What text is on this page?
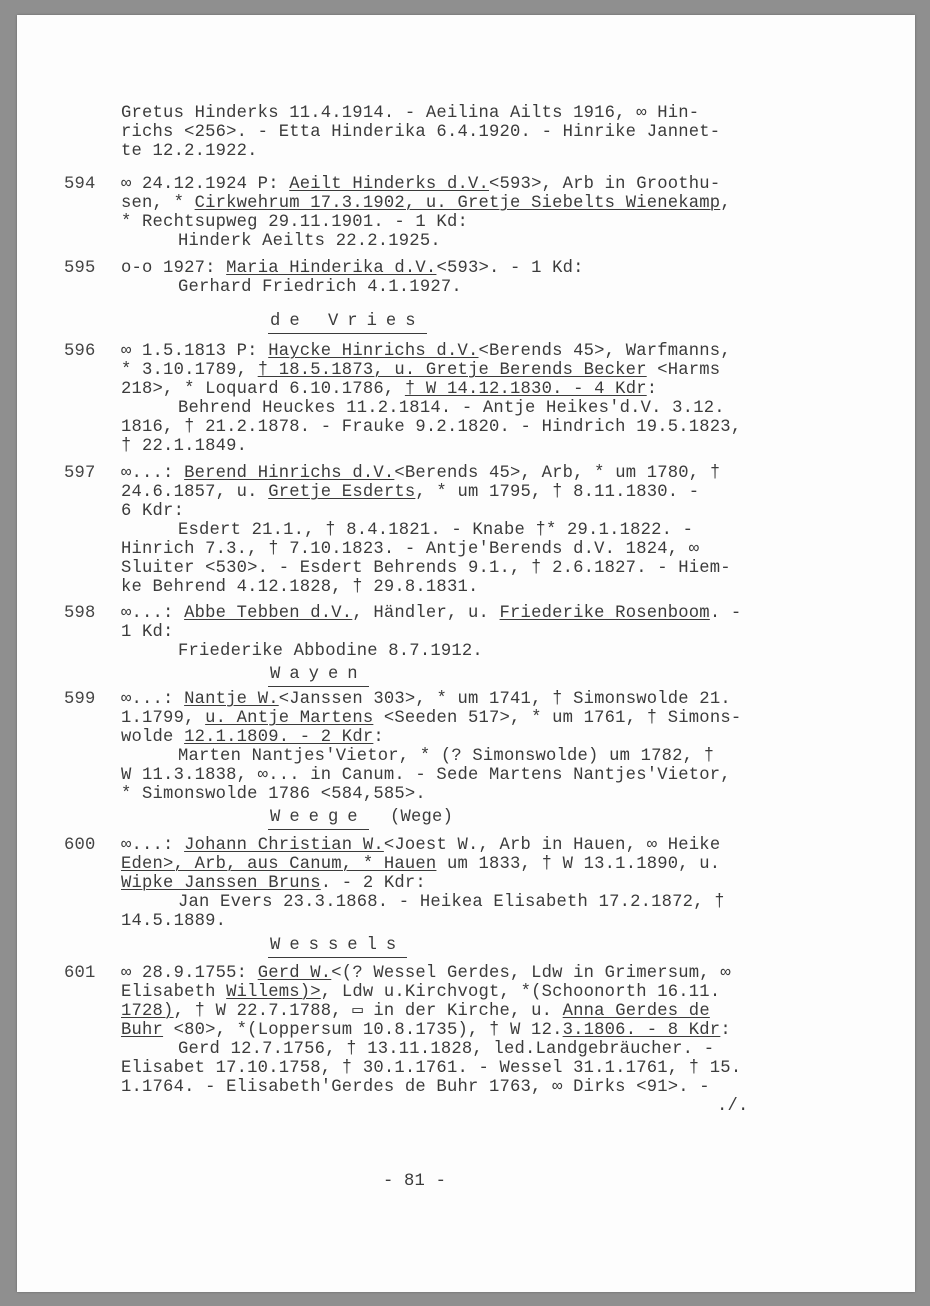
Gretus Hinderks 11.4.1914. - Aeilina Ailts 1916, ∞ Hin-
richs <256>. - Etta Hinderika 6.4.1920. - Hinrike Jannet-
te 12.2.1922.
594 ∞ 24.12.1924 P: Aeilt Hinderks d.V.<593>, Arb in Groothu-
sen, * Cirkwehrum 17.3.1902, u. Gretje Siebelts Wienekamp,
* Rechtsupweg 29.11.1901. - 1 Kd:
Hinderk Aeilts 22.2.1925.
595 o-o 1927: Maria Hinderika d.V.<593>. - 1 Kd:
Gerhard Friedrich 4.1.1927.
de Vries
596 ∞ 1.5.1813 P: Haycke Hinrichs d.V.<Berends 45>, Warfmanns,
* 3.10.1789, † 18.5.1873, u. Gretje Berends Becker <Harms
218>, * Loquard 6.10.1786, † W 14.12.1830. - 4 Kdr:
Behrend Heuckes 11.2.1814. - Antje Heikes'd.V. 3.12.
1816, † 21.2.1878. - Frauke 9.2.1820. - Hindrich 19.5.1823,
† 22.1.1849.
597 ∞...: Berend Hinrichs d.V.<Berends 45>, Arb, * um 1780, †
24.6.1857, u. Gretje Esderts, * um 1795, † 8.11.1830. -
6 Kdr:
Esdert 21.1., † 8.4.1821. - Knabe †* 29.1.1822. -
Hinrich 7.3., † 7.10.1823. - Antje'Berends d.V. 1824, ∞
Sluiter <530>. - Esdert Behrends 9.1., † 2.6.1827. - Hiem-
ke Behrend 4.12.1828, † 29.8.1831.
598 ∞...: Abbe Tebben d.V., Händler, u. Friederike Rosenboom. -
1 Kd:
Friederike Abbodine 8.7.1912.
Wayen
599 ∞...: Nantje W.<Janssen 303>, * um 1741, † Simonswolde 21.
1.1799, u. Antje Martens <Seeden 517>, * um 1761, † Simons-
wolde 12.1.1809. - 2 Kdr:
Marten Nantjes'Vietor, * (? Simonswolde) um 1782, †
W 11.3.1838, ∞... in Canum. - Sede Martens Nantjes'Vietor,
* Simonswolde 1786 <584,585>.
Weege (Wege)
600 ∞...: Johann Christian W.<Joest W., Arb in Hauen, ∞ Heike
Eden>, Arb, aus Canum, * Hauen um 1833, † W 13.1.1890, u.
Wipke Janssen Bruns. - 2 Kdr:
Jan Evers 23.3.1868. - Heikea Elisabeth 17.2.1872, †
14.5.1889.
Wessels
601 ∞ 28.9.1755: Gerd W.<(? Wessel Gerdes, Ldw in Grimersum, ∞
Elisabeth Willems)>, Ldw u.Kirchvogt, *(Schoonorth 16.11.
1728), † W 22.7.1788, ▭ in der Kirche, u. Anna Gerdes de
Buhr <80>, *(Loppersum 10.8.1735), † W 12.3.1806. - 8 Kdr:
Gerd 12.7.1756, † 13.11.1828, led.Landgebräucher. -
Elisabet 17.10.1758, † 30.1.1761. - Wessel 31.1.1761, † 15.
1.1764. - Elisabeth'Gerdes de Buhr 1763, ∞ Dirks <91>. -
./.
- 81 -
